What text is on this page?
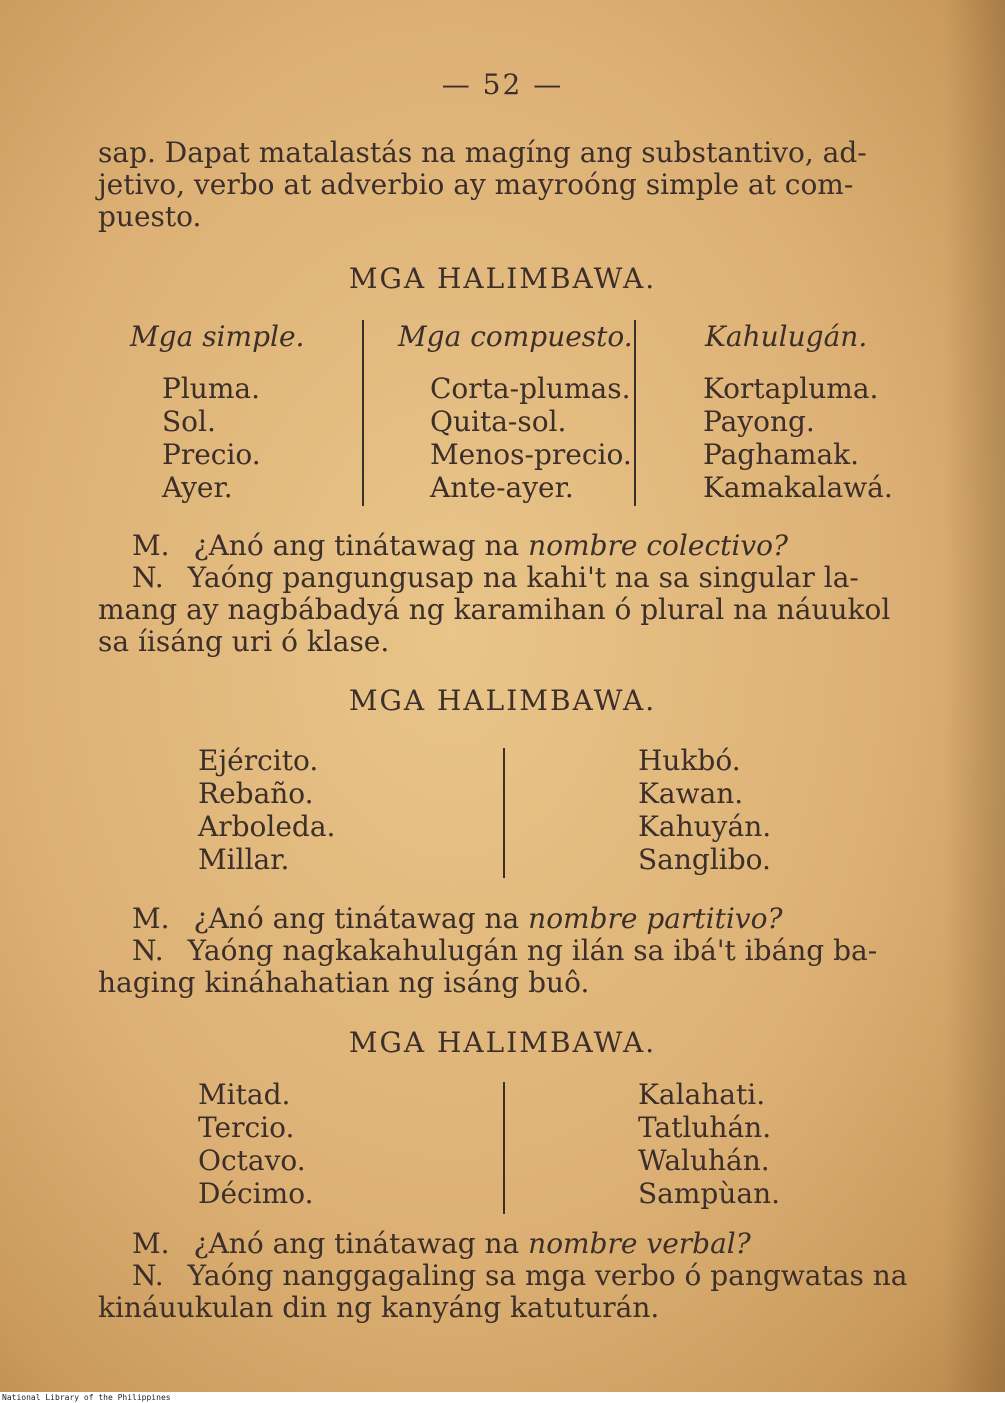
— 52 —
sap. Dapat matalastás na magíng ang substantivo, ad-
jetivo, verbo at adverbio ay mayroóng simple at com-
puesto.
MGA HALIMBAWA.
Mga simple.	Mga compuesto.	Kahulugán.
Pluma.
Sol.
Precio.
Ayer.
Corta-plumas.
Quita-sol.
Menos-precio.
Ante-ayer.
Kortapluma.
Payong.
Paghamak.
Kamakalawá.
M. ¿Anó ang tinátawag na nombre colectivo?
N. Yaóng pangungusap na kahi't na sa singular la-
mang ay nagbábadyá ng karamihan ó plural na náuukol
sa íisáng uri ó klase.
MGA HALIMBAWA.
Ejército.
Rebaño.
Arboleda.
Millar.
Hukbó.
Kawan.
Kahuyán.
Sanglibo.
M. ¿Anó ang tinátawag na nombre partitivo?
N. Yaóng nagkakahulugán ng ilán sa ibá't ibáng ba-
haging kináhahatian ng isáng buô.
MGA HALIMBAWA.
Mitad.
Tercio.
Octavo.
Décimo.
Kalahati.
Tatluhán.
Waluhán.
Sampùan.
M. ¿Anó ang tinátawag na nombre verbal?
N. Yaóng nanggagaling sa mga verbo ó pangwatas na
kináuukulan din ng kanyáng katuturán.
National Library of the Philippines
